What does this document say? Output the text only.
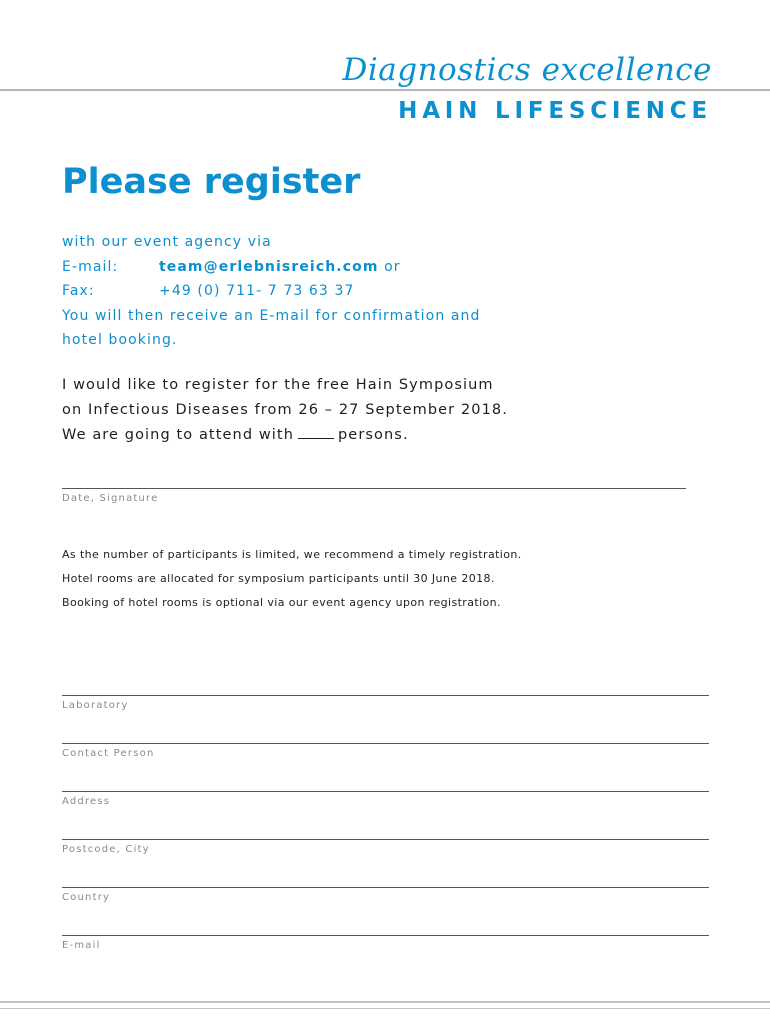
Diagnostics excellence
HAIN LIFESCIENCE
Please register
with our event agency via
E-mail:	team@erlebnisreich.com or
Fax:	+49 (0) 711- 7 73 63 37
You will then receive an E-mail for confirmation and
hotel booking.
I would like to register for the free Hain Symposium
on Infectious Diseases from 26 – 27 September 2018.
We are going to attend with	persons.
Date, Signature
As the number of participants is limited, we recommend a timely registration.
Hotel rooms are allocated for symposium participants until 30 June 2018.
Booking of hotel rooms is optional via our event agency upon registration.
Laboratory
Contact Person
Address
Postcode, City
Country
E-mail
